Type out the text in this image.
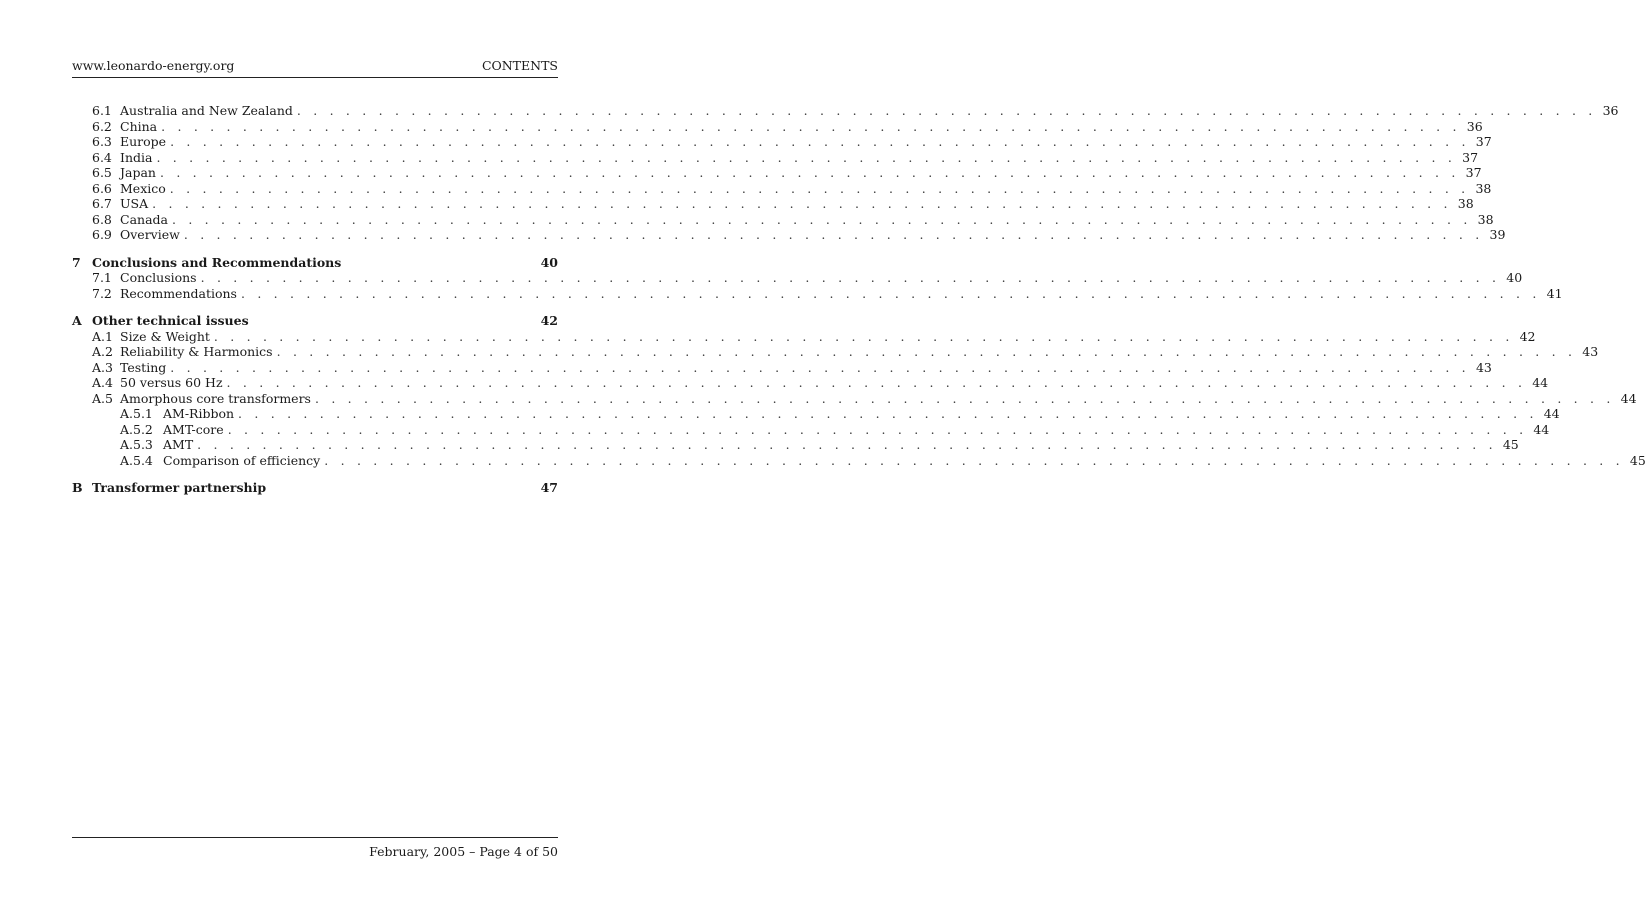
www.leonardo-energy.org	CONTENTS
6.1 Australia and New Zealand . . . . . . . . . . . . . . . . . . . . . . . . . . . . . . . . . . . . . . . . . . . . . . . . . . . . . . . . . . . . . . . . . . . . . . . . . . . . . . . . 36
6.2 China . . . . . . . . . . . . . . . . . . . . . . . . . . . . . . . . . . . . . . . . . . . . . . . . . . . . . . . . . . . . . . . . . . . . . . . . . . . . . . . . 36
6.3 Europe . . . . . . . . . . . . . . . . . . . . . . . . . . . . . . . . . . . . . . . . . . . . . . . . . . . . . . . . . . . . . . . . . . . . . . . . . . . . . . . . 37
6.4 India . . . . . . . . . . . . . . . . . . . . . . . . . . . . . . . . . . . . . . . . . . . . . . . . . . . . . . . . . . . . . . . . . . . . . . . . . . . . . . . . 37
6.5 Japan . . . . . . . . . . . . . . . . . . . . . . . . . . . . . . . . . . . . . . . . . . . . . . . . . . . . . . . . . . . . . . . . . . . . . . . . . . . . . . . . 37
6.6 Mexico . . . . . . . . . . . . . . . . . . . . . . . . . . . . . . . . . . . . . . . . . . . . . . . . . . . . . . . . . . . . . . . . . . . . . . . . . . . . . . . . 38
6.7 USA . . . . . . . . . . . . . . . . . . . . . . . . . . . . . . . . . . . . . . . . . . . . . . . . . . . . . . . . . . . . . . . . . . . . . . . . . . . . . . . . 38
6.8 Canada . . . . . . . . . . . . . . . . . . . . . . . . . . . . . . . . . . . . . . . . . . . . . . . . . . . . . . . . . . . . . . . . . . . . . . . . . . . . . . . . 38
6.9 Overview . . . . . . . . . . . . . . . . . . . . . . . . . . . . . . . . . . . . . . . . . . . . . . . . . . . . . . . . . . . . . . . . . . . . . . . . . . . . . . . . 39
7 Conclusions and Recommendations	40
7.1 Conclusions . . . . . . . . . . . . . . . . . . . . . . . . . . . . . . . . . . . . . . . . . . . . . . . . . . . . . . . . . . . . . . . . . . . . . . . . . . . . . . . . 40
7.2 Recommendations . . . . . . . . . . . . . . . . . . . . . . . . . . . . . . . . . . . . . . . . . . . . . . . . . . . . . . . . . . . . . . . . . . . . . . . . . . . . . . . . 41
A Other technical issues	42
A.1 Size & Weight . . . . . . . . . . . . . . . . . . . . . . . . . . . . . . . . . . . . . . . . . . . . . . . . . . . . . . . . . . . . . . . . . . . . . . . . . . . . . . . . 42
A.2 Reliability & Harmonics . . . . . . . . . . . . . . . . . . . . . . . . . . . . . . . . . . . . . . . . . . . . . . . . . . . . . . . . . . . . . . . . . . . . . . . . . . . . . . . . 43
A.3 Testing . . . . . . . . . . . . . . . . . . . . . . . . . . . . . . . . . . . . . . . . . . . . . . . . . . . . . . . . . . . . . . . . . . . . . . . . . . . . . . . . 43
A.4 50 versus 60 Hz . . . . . . . . . . . . . . . . . . . . . . . . . . . . . . . . . . . . . . . . . . . . . . . . . . . . . . . . . . . . . . . . . . . . . . . . . . . . . . . . 44
A.5 Amorphous core transformers . . . . . . . . . . . . . . . . . . . . . . . . . . . . . . . . . . . . . . . . . . . . . . . . . . . . . . . . . . . . . . . . . . . . . . . . . . . . . . . . 44
A.5.1 AM-Ribbon . . . . . . . . . . . . . . . . . . . . . . . . . . . . . . . . . . . . . . . . . . . . . . . . . . . . . . . . . . . . . . . . . . . . . . . . . . . . . . . . 44
A.5.2 AMT-core . . . . . . . . . . . . . . . . . . . . . . . . . . . . . . . . . . . . . . . . . . . . . . . . . . . . . . . . . . . . . . . . . . . . . . . . . . . . . . . . 44
A.5.3 AMT . . . . . . . . . . . . . . . . . . . . . . . . . . . . . . . . . . . . . . . . . . . . . . . . . . . . . . . . . . . . . . . . . . . . . . . . . . . . . . . . 45
A.5.4 Comparison of efficiency . . . . . . . . . . . . . . . . . . . . . . . . . . . . . . . . . . . . . . . . . . . . . . . . . . . . . . . . . . . . . . . . . . . . . . . . . . . . . . . . 45
B Transformer partnership	47
February, 2005 – Page 4 of 50
